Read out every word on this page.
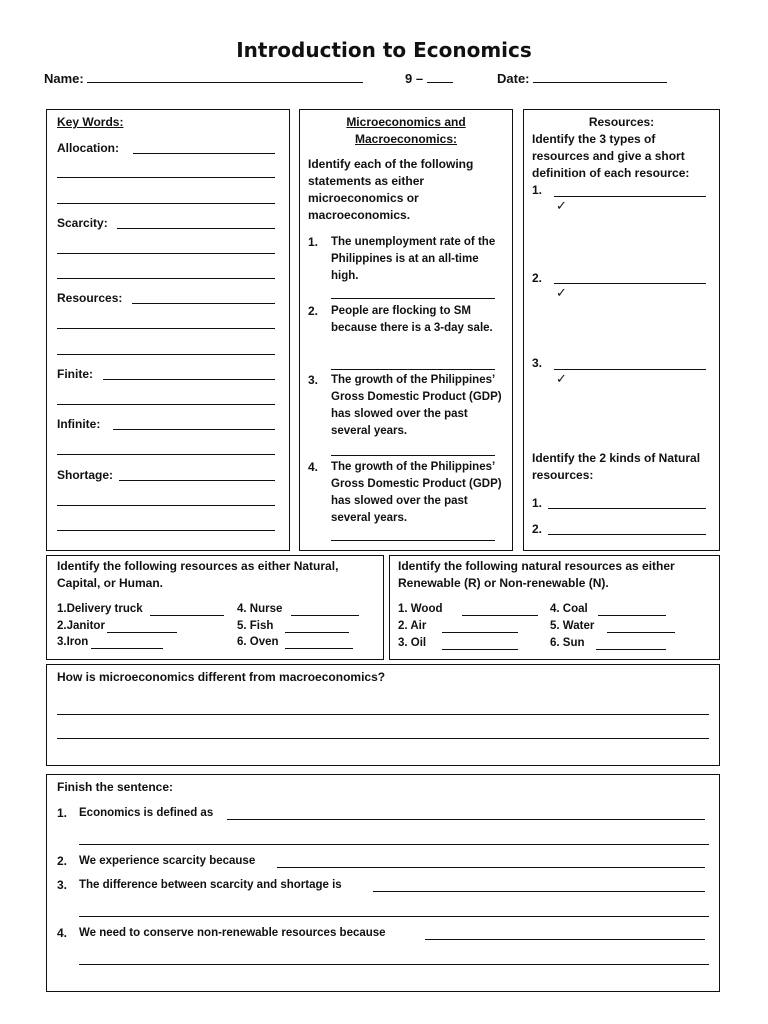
Introduction to Economics
Name:	9 –	Date:
Key Words:
Allocation:
Scarcity:
Resources:
Finite:
Infinite:
Shortage:
Microeconomics and
Macroeconomics:
Identify each of the following statements as either microeconomics or macroeconomics.
1. The unemployment rate of the Philippines is at an all-time high.
2. People are flocking to SM because there is a 3-day sale.
3. The growth of the Philippines’ Gross Domestic Product (GDP) has slowed over the past several years.
4. The growth of the Philippines’ Gross Domestic Product (GDP) has slowed over the past several years.
Resources:
Identify the 3 types of resources and give a short definition of each resource:
1.
✓
2.
✓
3.
✓
Identify the 2 kinds of Natural resources:
1.
2.
Identify the following resources as either Natural, Capital, or Human.
1.Delivery truck
2.Janitor
3.Iron
4. Nurse
5. Fish
6. Oven
Identify the following natural resources as either Renewable (R) or Non-renewable (N).
1. Wood
2. Air
3. Oil
4. Coal
5. Water
6. Sun
How is microeconomics different from macroeconomics?
Finish the sentence:
1. Economics is defined as
2. We experience scarcity because
3. The difference between scarcity and shortage is
4. We need to conserve non-renewable resources because
